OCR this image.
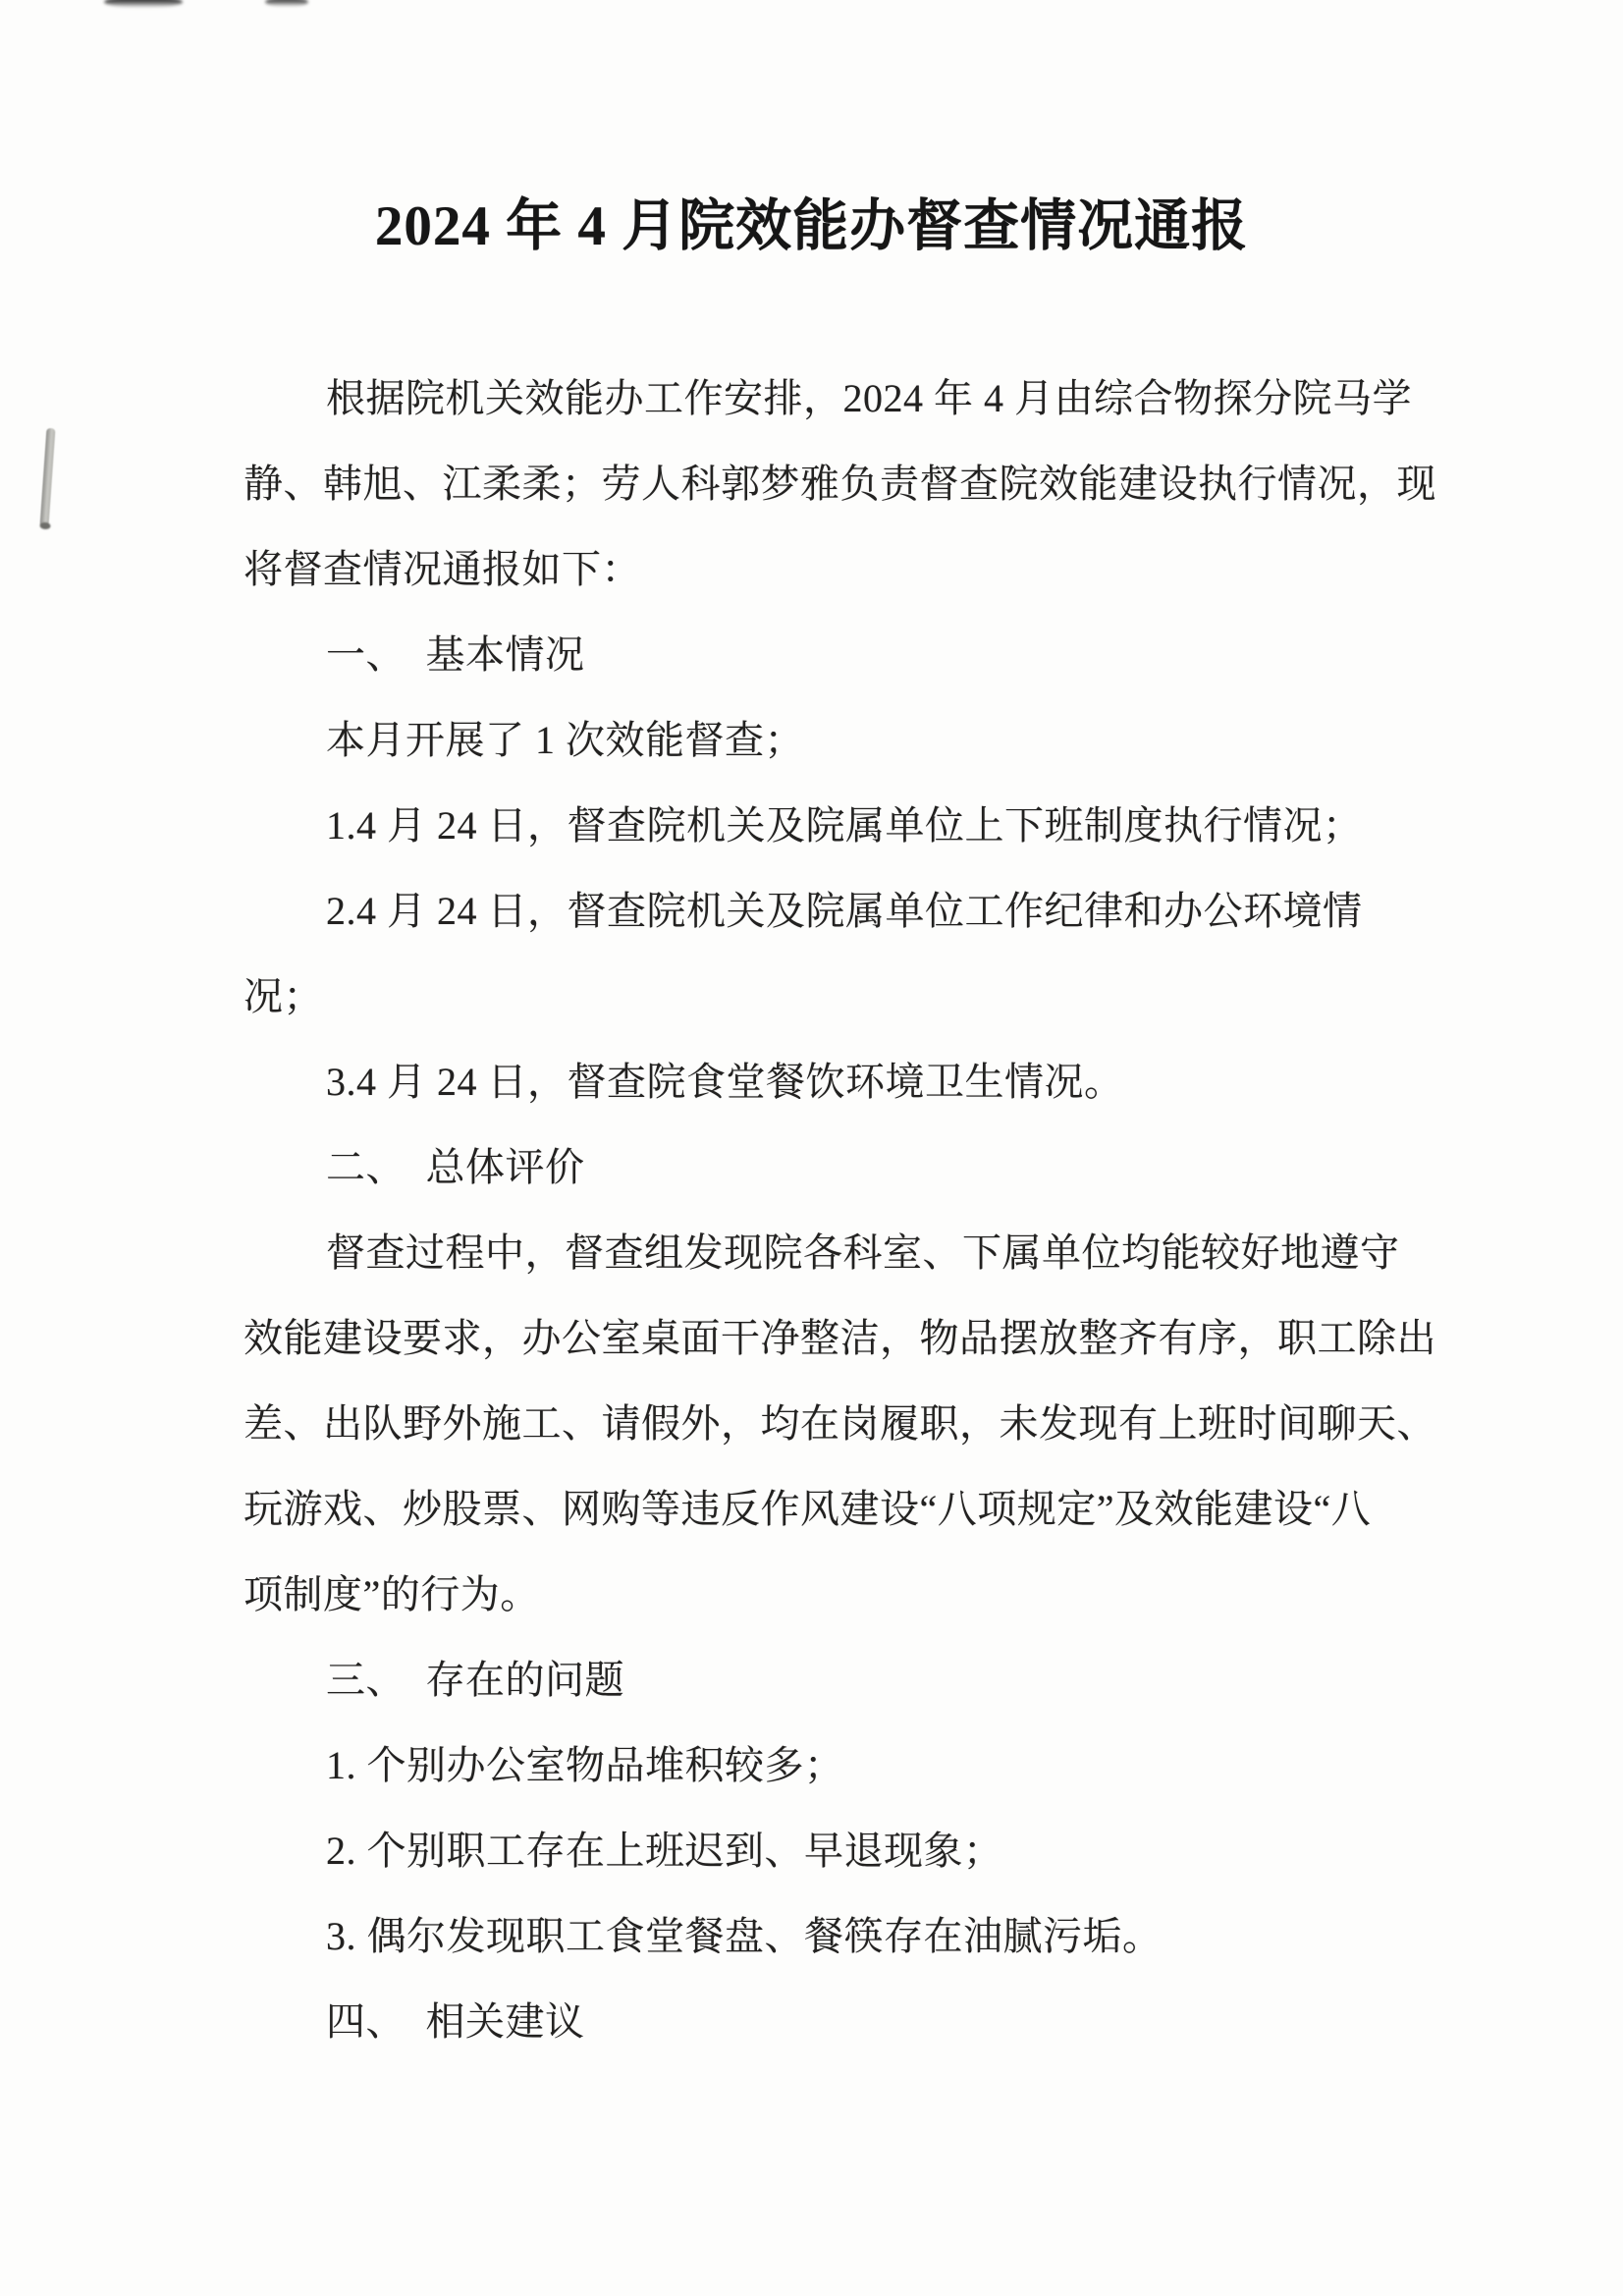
2024 年 4 月院效能办督查情况通报
根据院机关效能办工作安排，2024 年 4 月由综合物探分院马学
静、韩旭、江柔柔；劳人科郭梦雅负责督查院效能建设执行情况，现
将督查情况通报如下：
一、　基本情况
本月开展了 1 次效能督查；
1.4 月 24 日，督查院机关及院属单位上下班制度执行情况；
2.4 月 24 日，督查院机关及院属单位工作纪律和办公环境情
况；
3.4 月 24 日，督查院食堂餐饮环境卫生情况。
二、　总体评价
督查过程中，督查组发现院各科室、下属单位均能较好地遵守
效能建设要求，办公室桌面干净整洁，物品摆放整齐有序，职工除出
差、出队野外施工、请假外，均在岗履职，未发现有上班时间聊天、
玩游戏、炒股票、网购等违反作风建设“八项规定”及效能建设“八
项制度”的行为。
三、　存在的问题
1. 个别办公室物品堆积较多；
2. 个别职工存在上班迟到、早退现象；
3. 偶尔发现职工食堂餐盘、餐筷存在油腻污垢。
四、　相关建议
